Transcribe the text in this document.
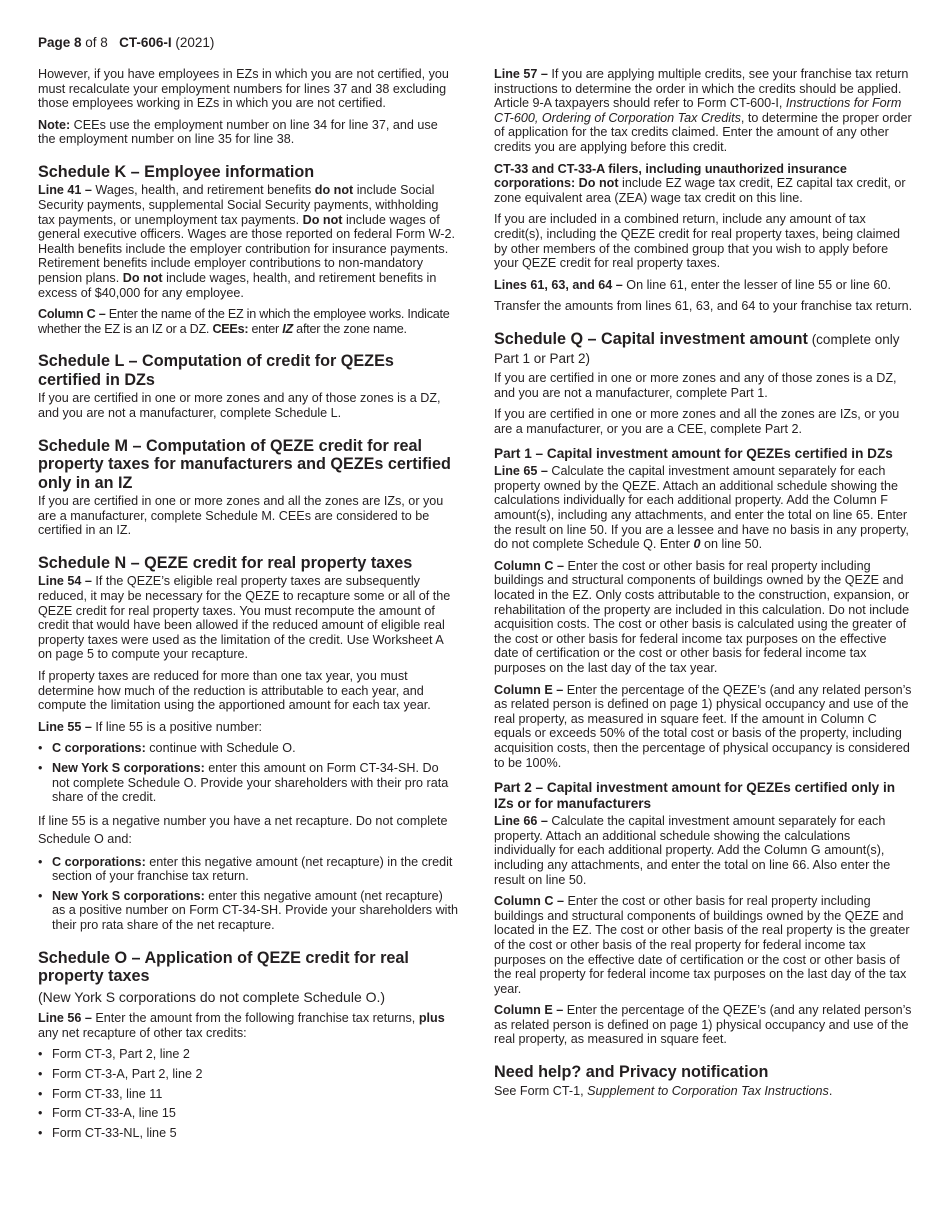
Page 8 of 8 CT-606-I (2021)

However, if you have employees in EZs in which you are not certified, you must recalculate your employment numbers for lines 37 and 38 excluding those employees working in EZs in which you are not certified.

Note: CEEs use the employment number on line 34 for line 37, and use the employment number on line 35 for line 38.

Schedule K – Employee information

Line 41 – Wages, health, and retirement benefits do not include Social Security payments, supplemental Social Security payments, withholding tax payments, or unemployment tax payments. Do not include wages of general executive officers. Wages are those reported on federal Form W-2. Health benefits include the employer contribution for insurance payments. Retirement benefits include employer contributions to non-mandatory pension plans. Do not include wages, health, and retirement benefits in excess of $40,000 for any employee.

Column C – Enter the name of the EZ in which the employee works. Indicate whether the EZ is an IZ or a DZ. CEEs: enter IZ after the zone name.

Schedule L – Computation of credit for QEZEs certified in DZs

If you are certified in one or more zones and any of those zones is a DZ, and you are not a manufacturer, complete Schedule L.

Schedule M – Computation of QEZE credit for real property taxes for manufacturers and QEZEs certified only in an IZ

If you are certified in one or more zones and all the zones are IZs, or you are a manufacturer, complete Schedule M. CEEs are considered to be certified in an IZ.

Schedule N – QEZE credit for real property taxes

Line 54 – If the QEZE’s eligible real property taxes are subsequently reduced, it may be necessary for the QEZE to recapture some or all of the QEZE credit for real property taxes. You must recompute the amount of credit that would have been allowed if the reduced amount of eligible real property taxes were used as the limitation of the credit. Use Worksheet A on page 5 to compute your recapture.

If property taxes are reduced for more than one tax year, you must determine how much of the reduction is attributable to each year, and compute the limitation using the apportioned amount for each tax year.

Line 55 – If line 55 is a positive number:

• C corporations: continue with Schedule O.
• New York S corporations: enter this amount on Form CT-34-SH. Do not complete Schedule O. Provide your shareholders with their pro rata share of the credit.

If line 55 is a negative number you have a net recapture. Do not complete Schedule O and:

• C corporations: enter this negative amount (net recapture) in the credit section of your franchise tax return.
• New York S corporations: enter this negative amount (net recapture) as a positive number on Form CT-34-SH. Provide your shareholders with their pro rata share of the net recapture.
Schedule O – Application of QEZE credit for real property taxes

(New York S corporations do not complete Schedule O.)

Line 56 – Enter the amount from the following franchise tax returns, plus any net recapture of other tax credits:

• Form CT-3, Part 2, line 2
• Form CT-3-A, Part 2, line 2
• Form CT-33, line 11
• Form CT-33-A, line 15
• Form CT-33-NL, line 5

Line 57 – If you are applying multiple credits, see your franchise tax return instructions to determine the order in which the credits should be applied. Article 9-A taxpayers should refer to Form CT-600-I, Instructions for Form CT-600, Ordering of Corporation Tax Credits, to determine the proper order of application for the tax credits claimed. Enter the amount of any other credits you are applying before this credit.

CT-33 and CT-33-A filers, including unauthorized insurance corporations: Do not include EZ wage tax credit, EZ capital tax credit, or zone equivalent area (ZEA) wage tax credit on this line.

If you are included in a combined return, include any amount of tax credit(s), including the QEZE credit for real property taxes, being claimed by other members of the combined group that you wish to apply before your QEZE credit for real property taxes.

Lines 61, 63, and 64 – On line 61, enter the lesser of line 55 or line 60.

Transfer the amounts from lines 61, 63, and 64 to your franchise tax return.

Schedule Q – Capital investment amount (complete only Part 1 or Part 2)

If you are certified in one or more zones and any of those zones is a DZ, and you are not a manufacturer, complete Part 1.

If you are certified in one or more zones and all the zones are IZs, or you are a manufacturer, or you are a CEE, complete Part 2.

Part 1 – Capital investment amount for QEZEs certified in DZs

Line 65 – Calculate the capital investment amount separately for each property owned by the QEZE. Attach an additional schedule showing the calculations individually for each additional property. Add the Column F amount(s), including any attachments, and enter the total on line 65. Enter the result on line 50. If you are a lessee and have no basis in any property, do not complete Schedule Q. Enter 0 on line 50.

Column C – Enter the cost or other basis for real property including buildings and structural components of buildings owned by the QEZE and located in the EZ. Only costs attributable to the construction, expansion, or rehabilitation of the property are included in this calculation. Do not include acquisition costs. The cost or other basis is calculated using the greater of the cost or other basis for federal income tax purposes on the effective date of certification or the cost or other basis for federal income tax purposes on the last day of the tax year.

Column E – Enter the percentage of the QEZE’s (and any related person’s as related person is defined on page 1) physical occupancy and use of the real property, as measured in square feet. If the amount in Column C equals or exceeds 50% of the total cost or basis of the property, including acquisition costs, then the percentage of physical occupancy is considered to be 100%.

Part 2 – Capital investment amount for QEZEs certified only in IZs or for manufacturers

Line 66 – Calculate the capital investment amount separately for each property. Attach an additional schedule showing the calculations individually for each additional property. Add the Column G amount(s), including any attachments, and enter the total on line 66. Also enter the result on line 50.

Column C – Enter the cost or other basis for real property including buildings and structural components of buildings owned by the QEZE and located in the EZ. The cost or other basis of the real property is the greater of the cost or other basis of the real property for federal income tax purposes on the effective date of certification or the cost or other basis of the real property for federal income tax purposes on the last day of the tax year.

Column E – Enter the percentage of the QEZE’s (and any related person’s as related person is defined on page 1) physical occupancy and use of the real property, as measured in square feet.

Need help? and Privacy notification

See Form CT-1, Supplement to Corporation Tax Instructions.
